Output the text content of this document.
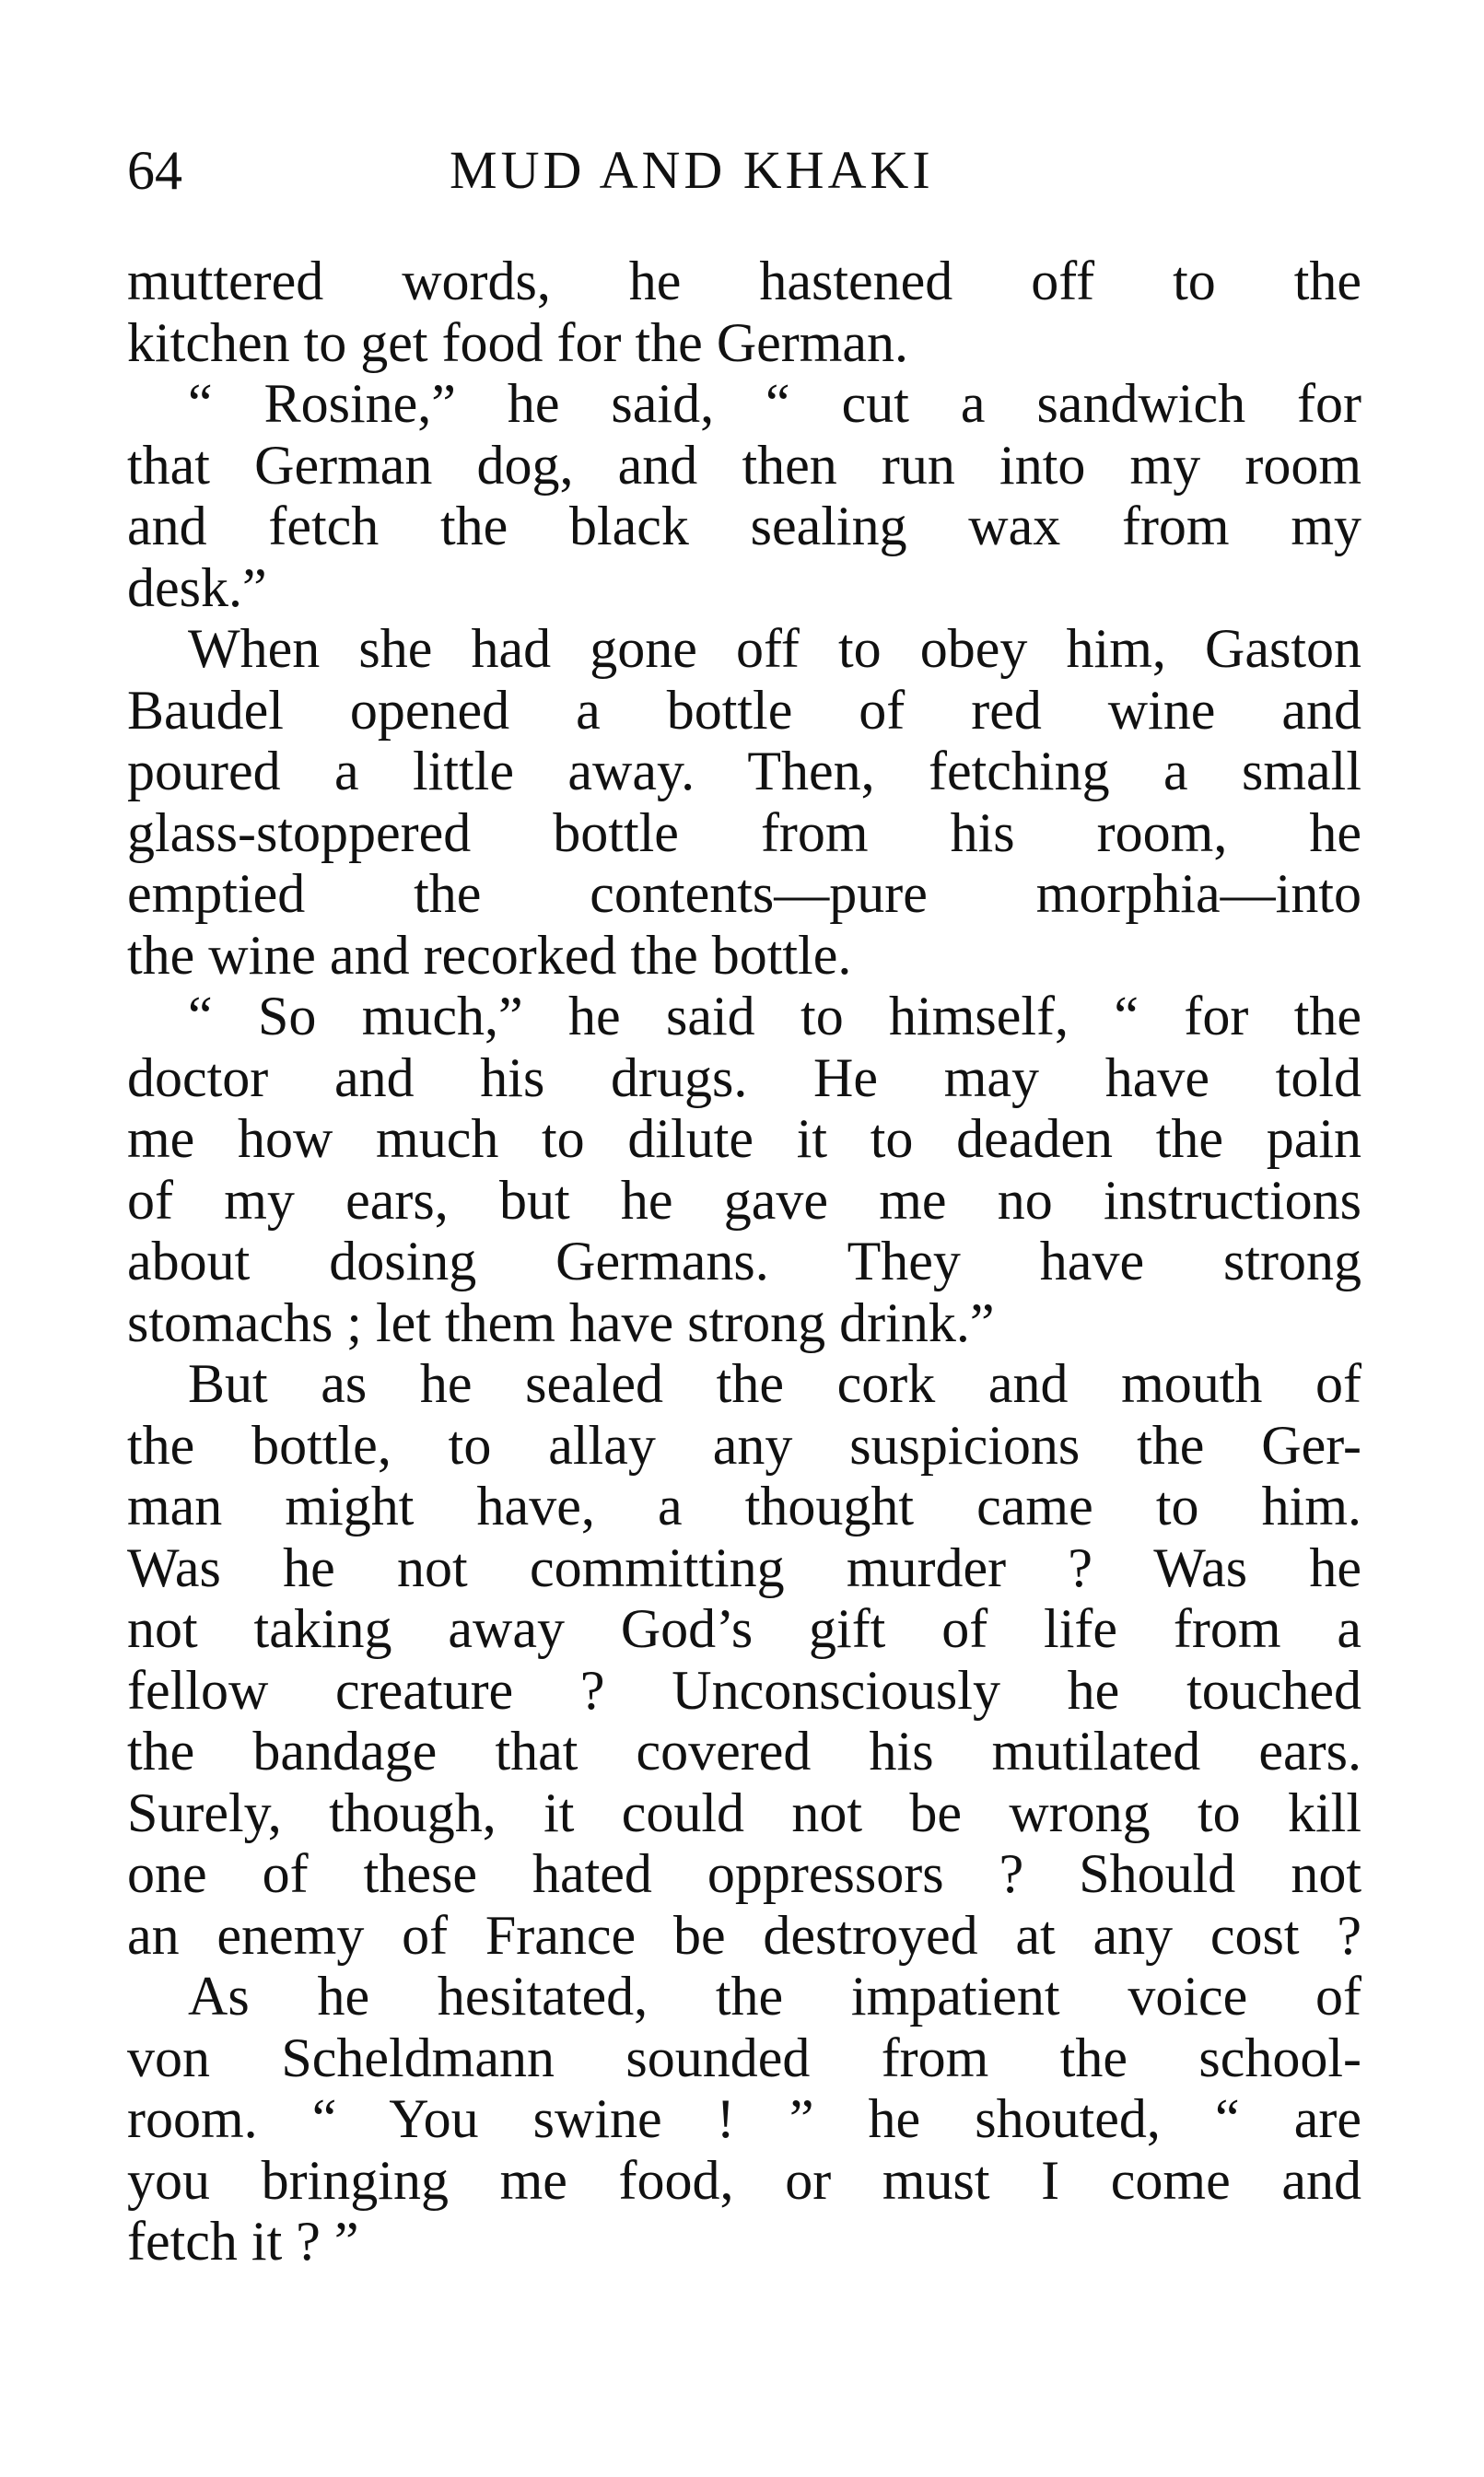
64	MUD AND KHAKI
muttered words, he hastened off to the
kitchen to get food for the German.
“ Rosine,” he said, “ cut a sandwich for
that German dog, and then run into my room
and fetch the black sealing wax from my
desk.”
When she had gone off to obey him, Gaston
Baudel opened a bottle of red wine and
poured a little away. Then, fetching a small
glass-stoppered bottle from his room, he
emptied the contents—pure morphia—into
the wine and recorked the bottle.
“ So much,” he said to himself, “ for the
doctor and his drugs. He may have told
me how much to dilute it to deaden the pain
of my ears, but he gave me no instructions
about dosing Germans. They have strong
stomachs ; let them have strong drink.”
But as he sealed the cork and mouth of
the bottle, to allay any suspicions the Ger-
man might have, a thought came to him.
Was he not committing murder ? Was he
not taking away God’s gift of life from a
fellow creature ? Unconsciously he touched
the bandage that covered his mutilated ears.
Surely, though, it could not be wrong to kill
one of these hated oppressors ? Should not
an enemy of France be destroyed at any cost ?
As he hesitated, the impatient voice of
von Scheldmann sounded from the school-
room. “ You swine ! ” he shouted, “ are
you bringing me food, or must I come and
fetch it ? ”
